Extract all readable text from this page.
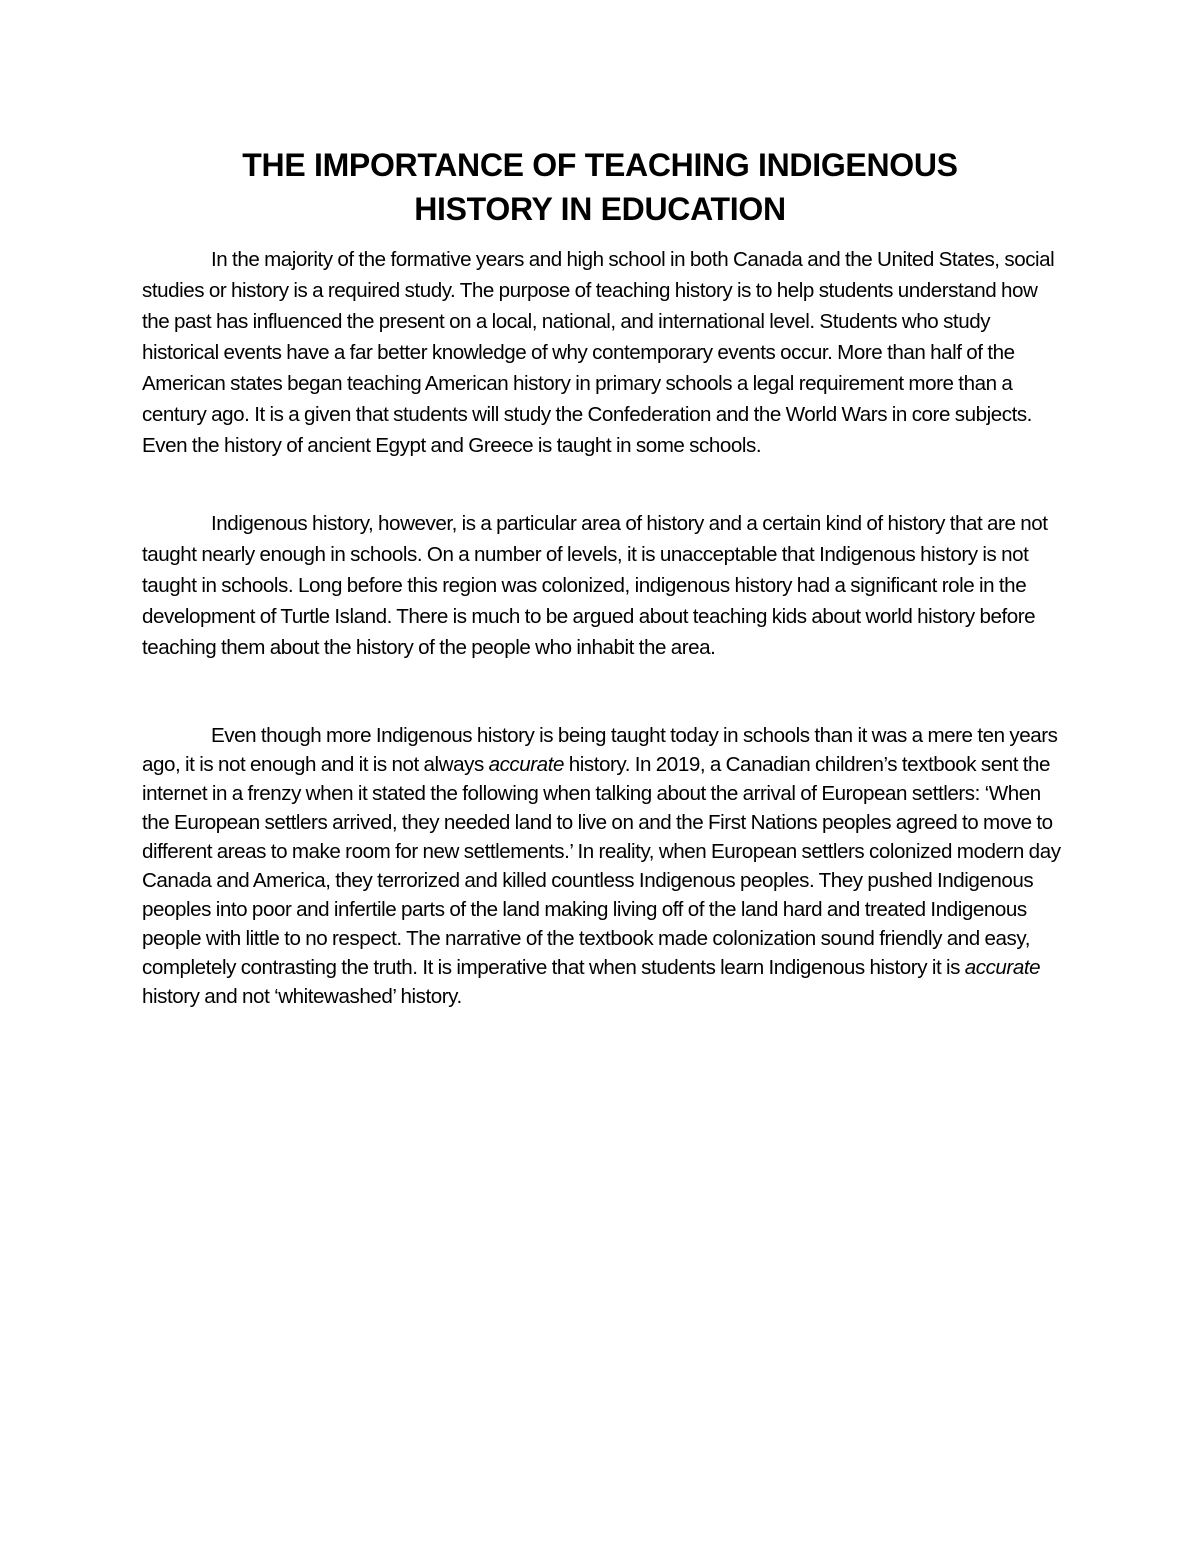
THE IMPORTANCE OF TEACHING INDIGENOUS
HISTORY IN EDUCATION

In the majority of the formative years and high school in both Canada and the United States, social studies or history is a required study. The purpose of teaching history is to help students understand how the past has influenced the present on a local, national, and international level. Students who study historical events have a far better knowledge of why contemporary events occur. More than half of the American states began teaching American history in primary schools a legal requirement more than a century ago. It is a given that students will study the Confederation and the World Wars in core subjects. Even the history of ancient Egypt and Greece is taught in some schools.

Indigenous history, however, is a particular area of history and a certain kind of history that are not taught nearly enough in schools. On a number of levels, it is unacceptable that Indigenous history is not taught in schools. Long before this region was colonized, indigenous history had a significant role in the development of Turtle Island. There is much to be argued about teaching kids about world history before teaching them about the history of the people who inhabit the area.

Even though more Indigenous history is being taught today in schools than it was a mere ten years ago, it is not enough and it is not always accurate history. In 2019, a Canadian children’s textbook sent the internet in a frenzy when it stated the following when talking about the arrival of European settlers: ‘When the European settlers arrived, they needed land to live on and the First Nations peoples agreed to move to different areas to make room for new settlements.’ In reality, when European settlers colonized modern day Canada and America, they terrorized and killed countless Indigenous peoples. They pushed Indigenous peoples into poor and infertile parts of the land making living off of the land hard and treated Indigenous people with little to no respect. The narrative of the textbook made colonization sound friendly and easy, completely contrasting the truth. It is imperative that when students learn Indigenous history it is accurate history and not ‘whitewashed’ history.
